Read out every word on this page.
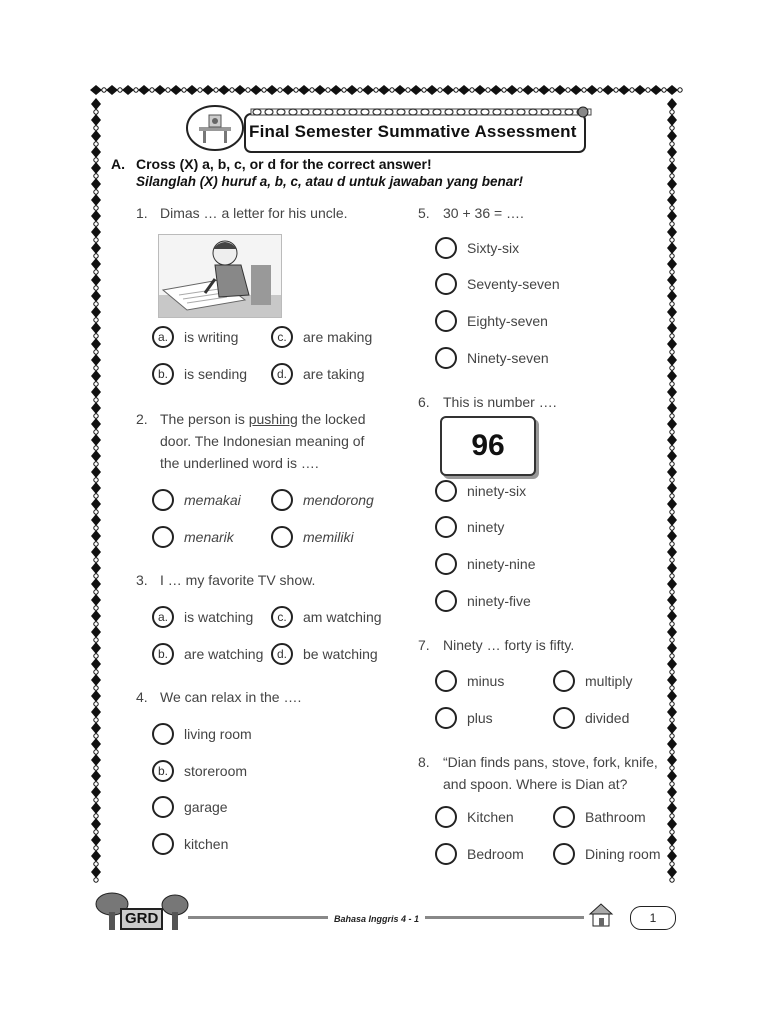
Final Semester Summative Assessment
A. Cross (X) a, b, c, or d for the correct answer!
Silanglah (X) huruf a, b, c, atau d untuk jawaban yang benar!
1. Dimas … a letter for his uncle.
a.	is writing	c.	are making
b.	is sending	d.	are taking
2. The person is pushing the locked
door. The Indonesian meaning of
the underlined word is ….
memakai	mendorong
menarik	memiliki
3. I … my favorite TV show.
a.	is watching	c.	am watching
b.	are watching	d.	be watching
4. We can relax in the ….
living room
b.	storeroom
garage
kitchen
5. 30 + 36 = ….
Sixty-six
Seventy-seven
Eighty-seven
Ninety-seven
6. This is number ….
96
ninety-six
ninety
ninety-nine
ninety-five
7. Ninety … forty is fifty.
minus	multiply
plus	divided
8. “Dian finds pans, stove, fork, knife,
and spoon. Where is Dian at?
Kitchen	Bathroom
Bedroom	Dining room
GRD	Bahasa Inggris 4 - 1	1
